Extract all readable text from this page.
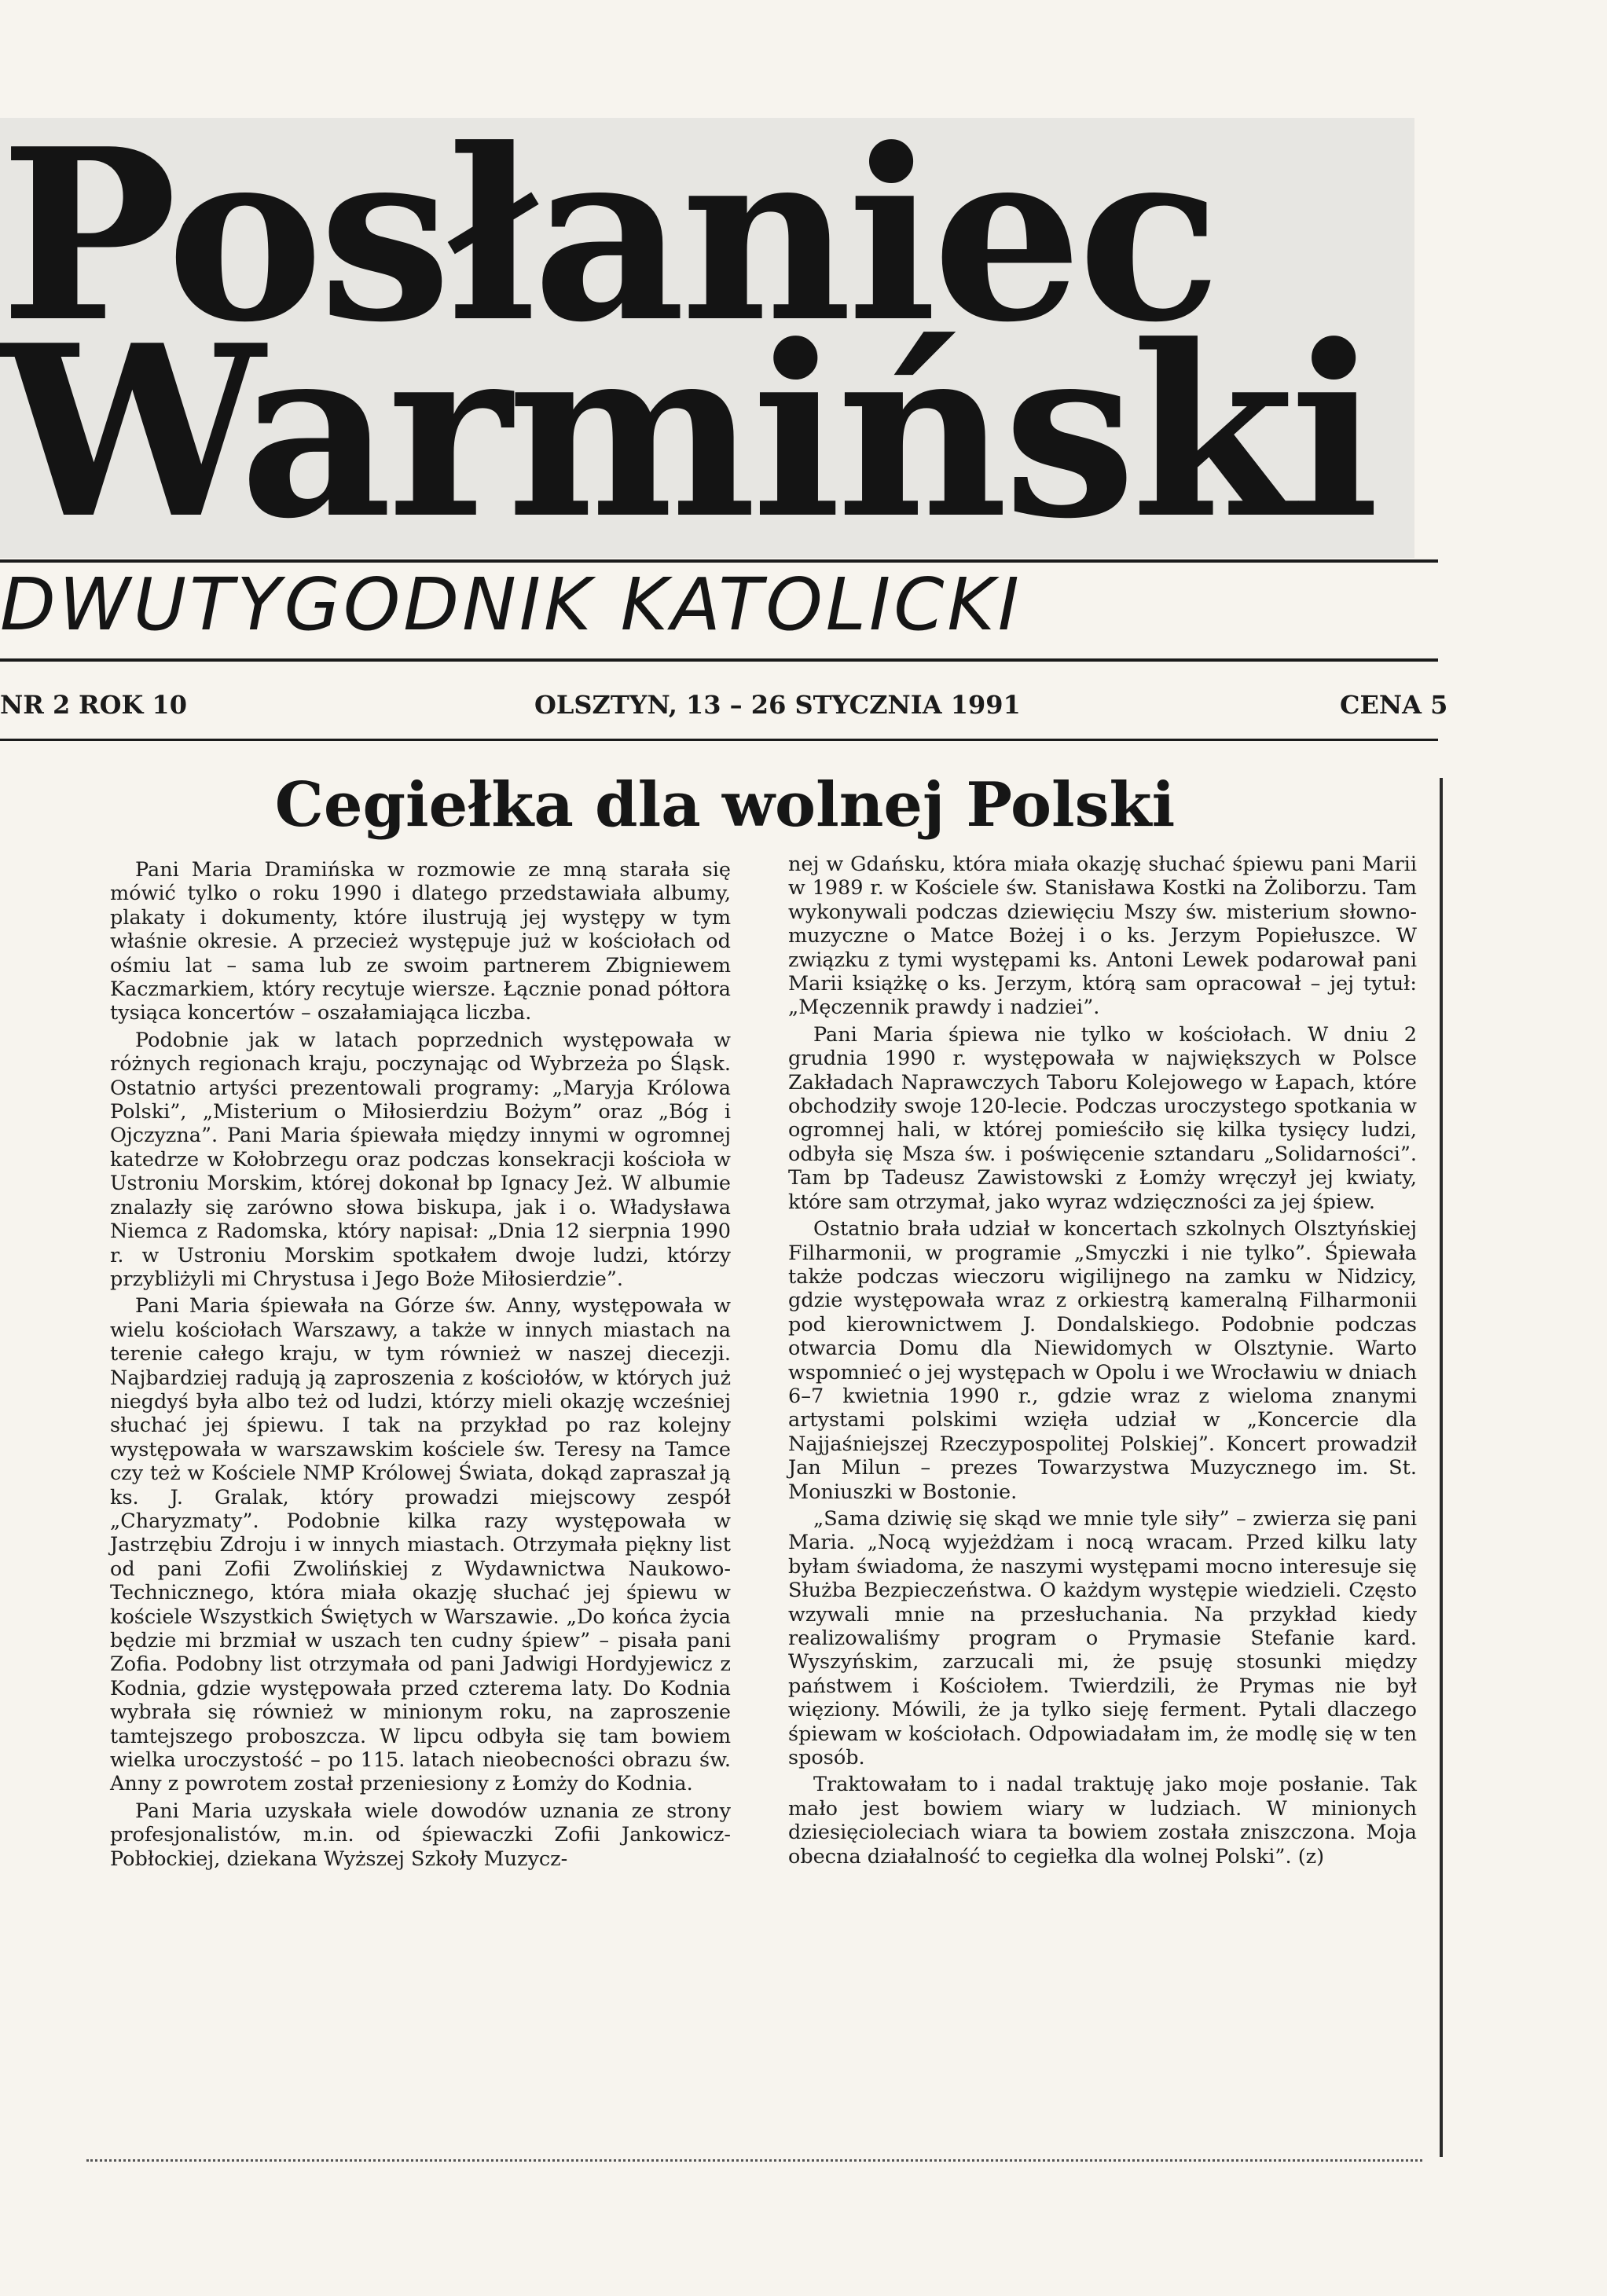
Posłaniec
Warmiński
DWUTYGODNIK KATOLICKI
NR 2 ROK 10	OLSZTYN, 13 – 26 STYCZNIA 1991	CENA 5
Cegiełka dla wolnej Polski

Pani Maria Dramińska w rozmowie ze mną starała się mówić tylko o roku 1990 i dlatego przedstawiała albumy, plakaty i dokumenty, które ilustrują jej występy w tym właśnie okresie. A przecież występuje już w kościołach od ośmiu lat – sama lub ze swoim partnerem Zbigniewem Kaczmarkiem, który recytuje wiersze. Łącznie ponad półtora tysiąca koncertów – oszałamiająca liczba.

Podobnie jak w latach poprzednich występowała w różnych regionach kraju, poczynając od Wybrzeża po Śląsk. Ostatnio artyści prezentowali programy: „Maryja Królowa Polski”, „Misterium o Miłosierdziu Bożym” oraz „Bóg i Ojczyzna”. Pani Maria śpiewała między innymi w ogromnej katedrze w Kołobrzegu oraz podczas konsekracji kościoła w Ustroniu Morskim, której dokonał bp Ignacy Jeż. W albumie znalazły się zarówno słowa biskupa, jak i o. Władysława Niemca z Radomska, który napisał: „Dnia 12 sierpnia 1990 r. w Ustroniu Morskim spotkałem dwoje ludzi, którzy przybliżyli mi Chrystusa i Jego Boże Miłosierdzie”.

Pani Maria śpiewała na Górze św. Anny, występowała w wielu kościołach Warszawy, a także w innych miastach na terenie całego kraju, w tym również w naszej diecezji. Najbardziej radują ją zaproszenia z kościołów, w których już niegdyś była albo też od ludzi, którzy mieli okazję wcześniej słuchać jej śpiewu. I tak na przykład po raz kolejny występowała w warszawskim kościele św. Teresy na Tamce czy też w Kościele NMP Królowej Świata, dokąd zapraszał ją ks. J. Gralak, który prowadzi miejscowy zespół „Charyzmaty”. Podobnie kilka razy występowała w Jastrzębiu Zdroju i w innych miastach. Otrzymała piękny list od pani Zofii Zwolińskiej z Wydawnictwa Naukowo-Technicznego, która miała okazję słuchać jej śpiewu w kościele Wszystkich Świętych w Warszawie. „Do końca życia będzie mi brzmiał w uszach ten cudny śpiew” – pisała pani Zofia. Podobny list otrzymała od pani Jadwigi Hordyjewicz z Kodnia, gdzie występowała przed czterema laty. Do Kodnia wybrała się również w minionym roku, na zaproszenie tamtejszego proboszcza. W lipcu odbyła się tam bowiem wielka uroczystość – po 115. latach nieobecności obrazu św. Anny z powrotem został przeniesiony z Łomży do Kodnia.

Pani Maria uzyskała wiele dowodów uznania ze strony profesjonalistów, m.in. od śpiewaczki Zofii Jankowicz-Pobłockiej, dziekana Wyższej Szkoły Muzycz-

nej w Gdańsku, która miała okazję słuchać śpiewu pani Marii w 1989 r. w Kościele św. Stanisława Kostki na Żoliborzu. Tam wykonywali podczas dziewięciu Mszy św. misterium słowno-muzyczne o Matce Bożej i o ks. Jerzym Popiełuszce. W związku z tymi występami ks. Antoni Lewek podarował pani Marii książkę o ks. Jerzym, którą sam opracował – jej tytuł: „Męczennik prawdy i nadziei”.

Pani Maria śpiewa nie tylko w kościołach. W dniu 2 grudnia 1990 r. występowała w największych w Polsce Zakładach Naprawczych Taboru Kolejowego w Łapach, które obchodziły swoje 120-lecie. Podczas uroczystego spotkania w ogromnej hali, w której pomieściło się kilka tysięcy ludzi, odbyła się Msza św. i poświęcenie sztandaru „Solidarności”. Tam bp Tadeusz Zawistowski z Łomży wręczył jej kwiaty, które sam otrzymał, jako wyraz wdzięczności za jej śpiew.

Ostatnio brała udział w koncertach szkolnych Olsztyńskiej Filharmonii, w programie „Smyczki i nie tylko”. Śpiewała także podczas wieczoru wigilijnego na zamku w Nidzicy, gdzie występowała wraz z orkiestrą kameralną Filharmonii pod kierownictwem J. Dondalskiego. Podobnie podczas otwarcia Domu dla Niewidomych w Olsztynie. Warto wspomnieć o jej występach w Opolu i we Wrocławiu w dniach 6–7 kwietnia 1990 r., gdzie wraz z wieloma znanymi artystami polskimi wzięła udział w „Koncercie dla Najjaśniejszej Rzeczypospolitej Polskiej”. Koncert prowadził Jan Milun – prezes Towarzystwa Muzycznego im. St. Moniuszki w Bostonie.

„Sama dziwię się skąd we mnie tyle siły” – zwierza się pani Maria. „Nocą wyjeżdżam i nocą wracam. Przed kilku laty byłam świadoma, że naszymi występami mocno interesuje się Służba Bezpieczeństwa. O każdym występie wiedzieli. Często wzywali mnie na przesłuchania. Na przykład kiedy realizowaliśmy program o Prymasie Stefanie kard. Wyszyńskim, zarzucali mi, że psuję stosunki między państwem i Kościołem. Twierdzili, że Prymas nie był więziony. Mówili, że ja tylko sieję ferment. Pytali dlaczego śpiewam w kościołach. Odpowiadałam im, że modlę się w ten sposób.

Traktowałam to i nadal traktuję jako moje posłanie. Tak mało jest bowiem wiary w ludziach. W minionych dziesięcioleciach wiara ta bowiem została zniszczona. Moja obecna działalność to cegiełka dla wolnej Polski”. (z)
